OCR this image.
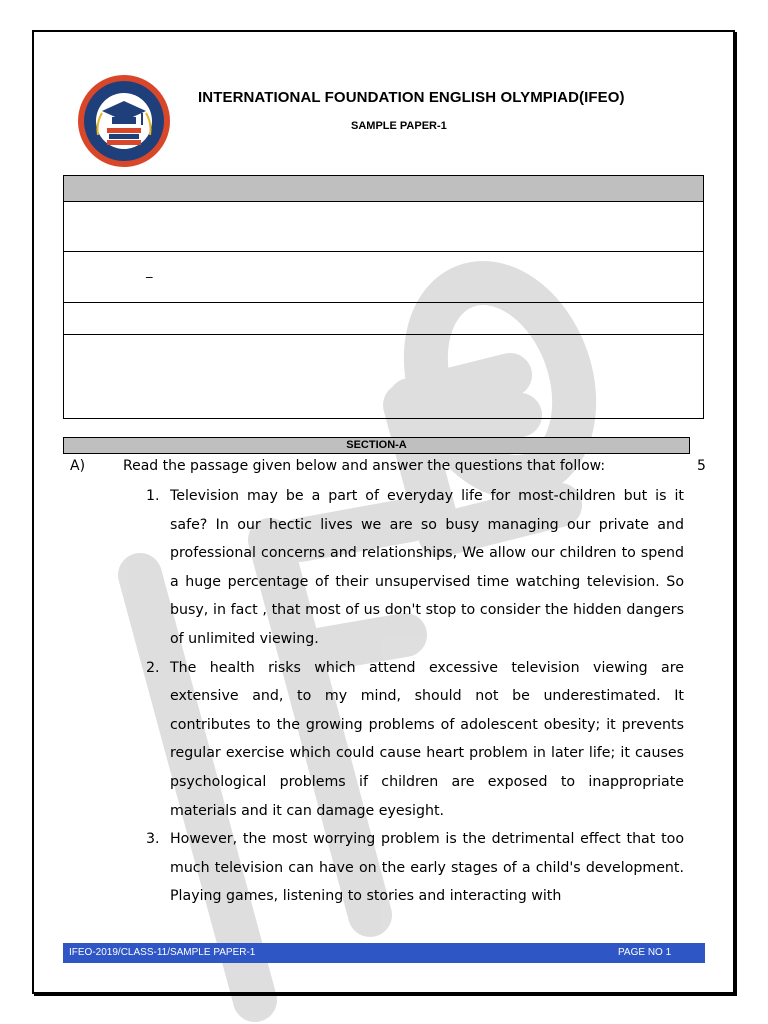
INTERNATIONAL FOUNDATION ENGLISH OLYMPIAD(IFEO)
SAMPLE PAPER-1
_
SECTION-A
A)	Read the passage given below and answer the questions that follow:	5
1. Television may be a part of everyday life for most-children but is it safe? In our hectic lives we are so busy managing our private and professional concerns and relationships, We allow our children to spend a huge percentage of their unsupervised time watching television. So busy, in fact , that most of us don't stop to consider the hidden dangers of unlimited viewing.
2. The health risks which attend excessive television viewing are extensive and, to my mind, should not be underestimated. It contributes to the growing problems of adolescent obesity; it prevents regular exercise which could cause heart problem in later life; it causes psychological problems if children are exposed to inappropriate materials and it can damage eyesight.
3. However, the most worrying problem is the detrimental effect that too much television can have on the early stages of a child's development. Playing games, listening to stories and interacting with
IFEO-2019/CLASS-11/SAMPLE PAPER-1	PAGE NO 1
